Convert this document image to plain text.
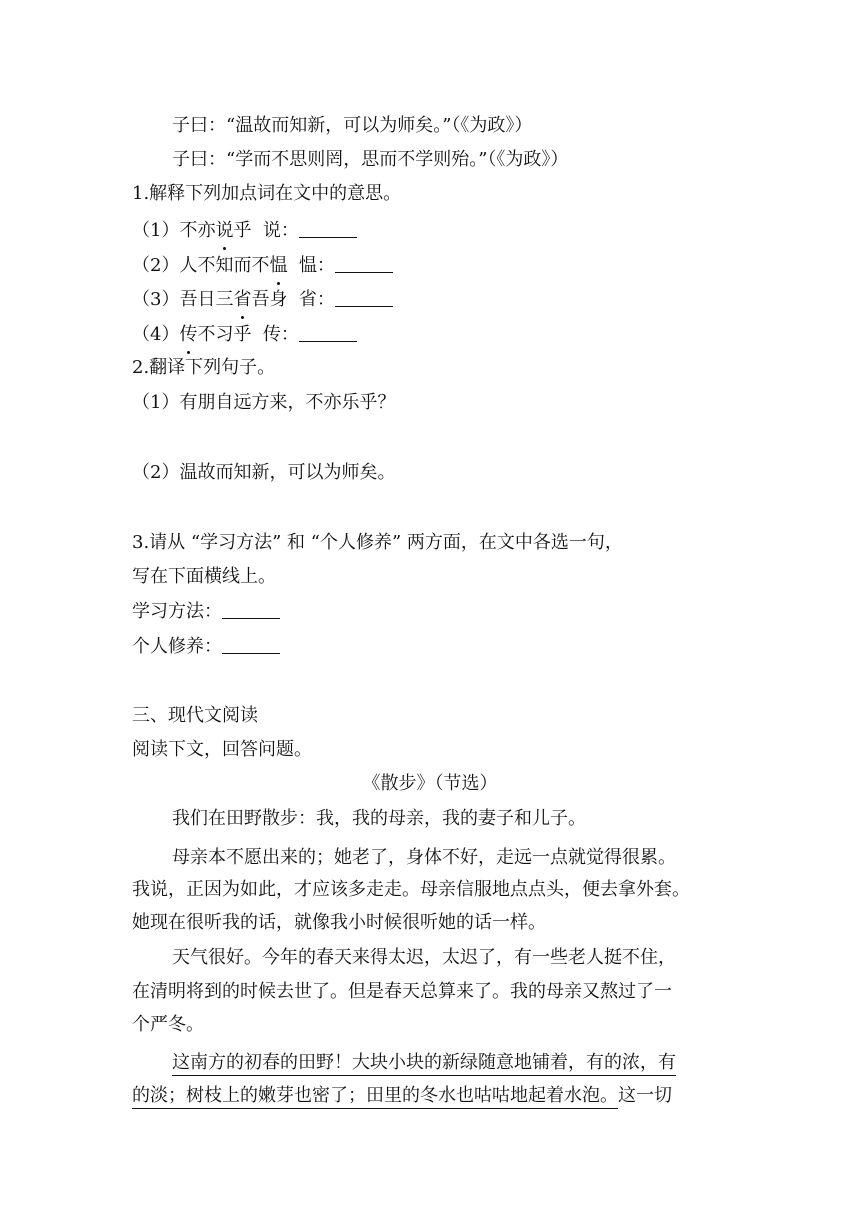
子曰：“温故而知新，可以为师矣。”（《为政》）
子曰：“学而不思则罔，思而不学则殆。”（《为政》）
1.解释下列加点词在文中的意思。
（1）不亦说乎 说：
（2）人不知而不愠 愠：
（3）吾日三省吾身 省：
（4）传不习乎 传：
2.翻译下列句子。
（1）有朋自远方来，不亦乐乎？
（2）温故而知新，可以为师矣。
3.请从 “学习方法” 和 “个人修养” 两方面，在文中各选一句，
写在下面横线上。
学习方法：
个人修养：
三、现代文阅读
阅读下文，回答问题。
《散步》（节选）
我们在田野散步：我，我的母亲，我的妻子和儿子。
母亲本不愿出来的；她老了，身体不好，走远一点就觉得很累。
我说，正因为如此，才应该多走走。母亲信服地点点头，便去拿外套。
她现在很听我的话，就像我小时候很听她的话一样。
天气很好。今年的春天来得太迟，太迟了，有一些老人挺不住，
在清明将到的时候去世了。但是春天总算来了。我的母亲又熬过了一
个严冬。
这南方的初春的田野！大块小块的新绿随意地铺着，有的浓，有
的淡；树枝上的嫩芽也密了；田里的冬水也咕咕地起着水泡。这一切
